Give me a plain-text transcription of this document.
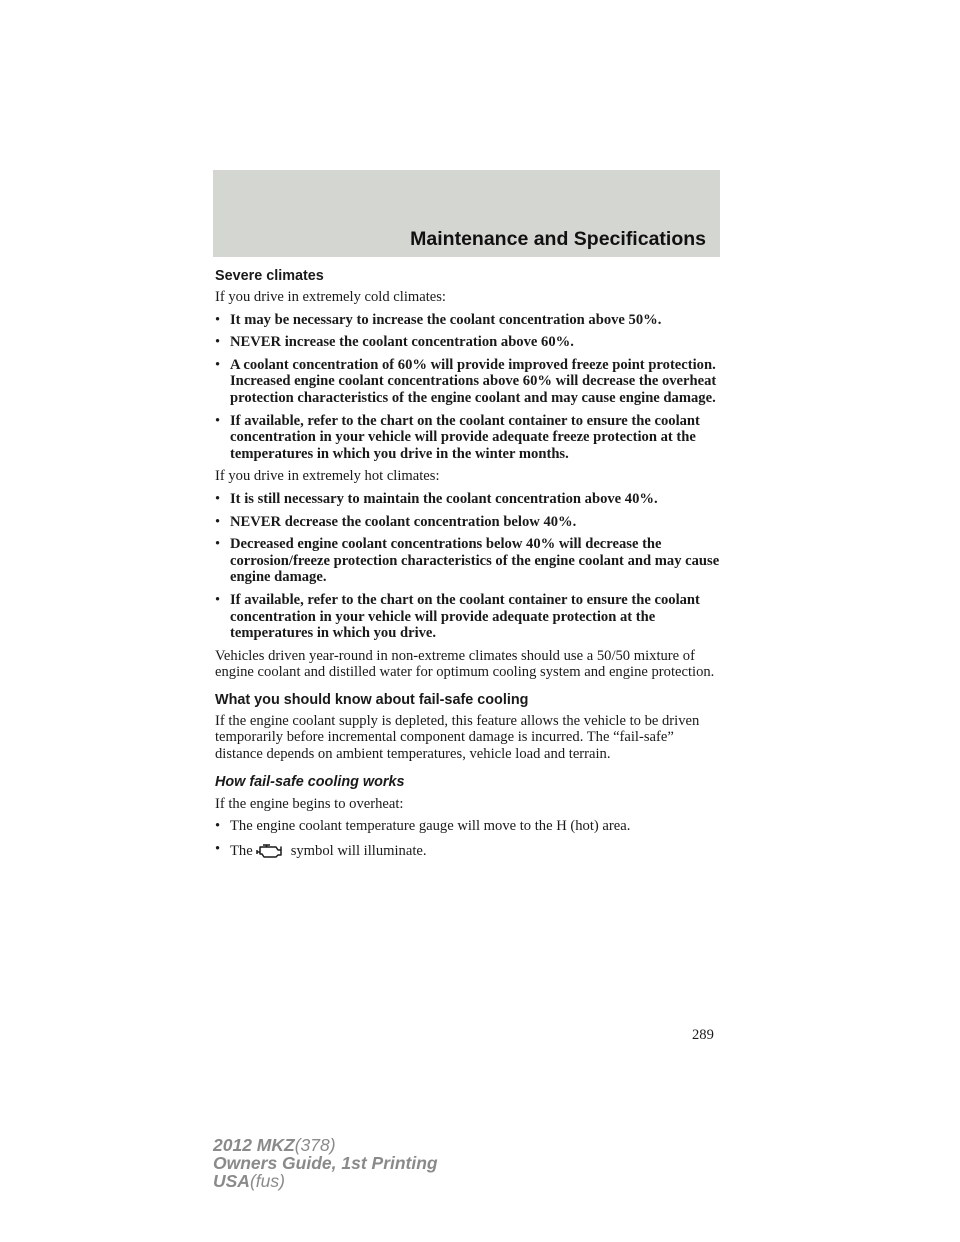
Maintenance and Specifications
Severe climates

If you drive in extremely cold climates:

• It may be necessary to increase the coolant concentration above 50%.
• NEVER increase the coolant concentration above 60%.
• A coolant concentration of 60% will provide improved freeze point protection. Increased engine coolant concentrations above 60% will decrease the overheat protection characteristics of the engine coolant and may cause engine damage.
• If available, refer to the chart on the coolant container to ensure the coolant concentration in your vehicle will provide adequate freeze protection at the temperatures in which you drive in the winter months.

If you drive in extremely hot climates:

• It is still necessary to maintain the coolant concentration above 40%.
• NEVER decrease the coolant concentration below 40%.
• Decreased engine coolant concentrations below 40% will decrease the corrosion/freeze protection characteristics of the engine coolant and may cause engine damage.
• If available, refer to the chart on the coolant container to ensure the coolant concentration in your vehicle will provide adequate protection at the temperatures in which you drive.

Vehicles driven year-round in non-extreme climates should use a 50/50 mixture of engine coolant and distilled water for optimum cooling system and engine protection.

What you should know about fail-safe cooling

If the engine coolant supply is depleted, this feature allows the vehicle to be driven temporarily before incremental component damage is incurred. The “fail-safe” distance depends on ambient temperatures, vehicle load and terrain.

How fail-safe cooling works

If the engine begins to overheat:

• The engine coolant temperature gauge will move to the H (hot) area.
• The	symbol will illuminate.
289
2012 MKZ(378)
Owners Guide, 1st Printing
USA(fus)
